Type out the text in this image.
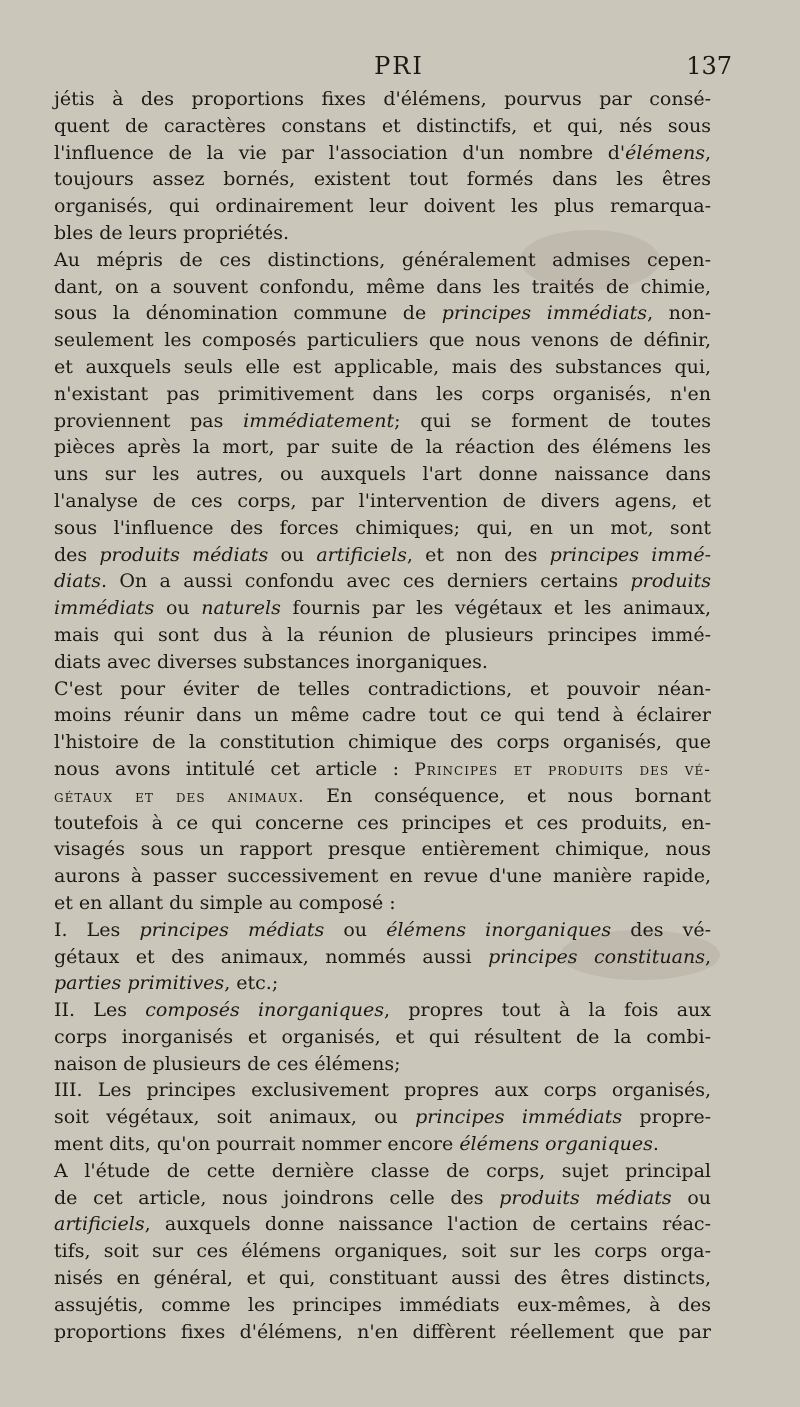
PRI	137
jétis à des proportions fixes d'élémens, pourvus par consé-
quent de caractères constans et distinctifs, et qui, nés sous
l'influence de la vie par l'association d'un nombre d'élémens,
toujours assez bornés, existent tout formés dans les êtres
organisés, qui ordinairement leur doivent les plus remarqua-
bles de leurs propriétés.
Au mépris de ces distinctions, généralement admises cepen-
dant, on a souvent confondu, même dans les traités de chimie,
sous la dénomination commune de principes immédiats, non-
seulement les composés particuliers que nous venons de définir,
et auxquels seuls elle est applicable, mais des substances qui,
n'existant pas primitivement dans les corps organisés, n'en
proviennent pas immédiatement; qui se forment de toutes
pièces après la mort, par suite de la réaction des élémens les
uns sur les autres, ou auxquels l'art donne naissance dans
l'analyse de ces corps, par l'intervention de divers agens, et
sous l'influence des forces chimiques; qui, en un mot, sont
des produits médiats ou artificiels, et non des principes immé-
diats. On a aussi confondu avec ces derniers certains produits
immédiats ou naturels fournis par les végétaux et les animaux,
mais qui sont dus à la réunion de plusieurs principes immé-
diats avec diverses substances inorganiques.
C'est pour éviter de telles contradictions, et pouvoir néan-
moins réunir dans un même cadre tout ce qui tend à éclairer
l'histoire de la constitution chimique des corps organisés, que
nous avons intitulé cet article : Principes et produits des vé-
gétaux et des animaux. En conséquence, et nous bornant
toutefois à ce qui concerne ces principes et ces produits, en-
visagés sous un rapport presque entièrement chimique, nous
aurons à passer successivement en revue d'une manière rapide,
et en allant du simple au composé :
I. Les principes médiats ou élémens inorganiques des vé-
gétaux et des animaux, nommés aussi principes constituans,
parties primitives, etc.;
II. Les composés inorganiques, propres tout à la fois aux
corps inorganisés et organisés, et qui résultent de la combi-
naison de plusieurs de ces élémens;
III. Les principes exclusivement propres aux corps organisés,
soit végétaux, soit animaux, ou principes immédiats propre-
ment dits, qu'on pourrait nommer encore élémens organiques.
A l'étude de cette dernière classe de corps, sujet principal
de cet article, nous joindrons celle des produits médiats ou
artificiels, auxquels donne naissance l'action de certains réac-
tifs, soit sur ces élémens organiques, soit sur les corps orga-
nisés en général, et qui, constituant aussi des êtres distincts,
assujétis, comme les principes immédiats eux-mêmes, à des
proportions fixes d'élémens, n'en diffèrent réellement que par
